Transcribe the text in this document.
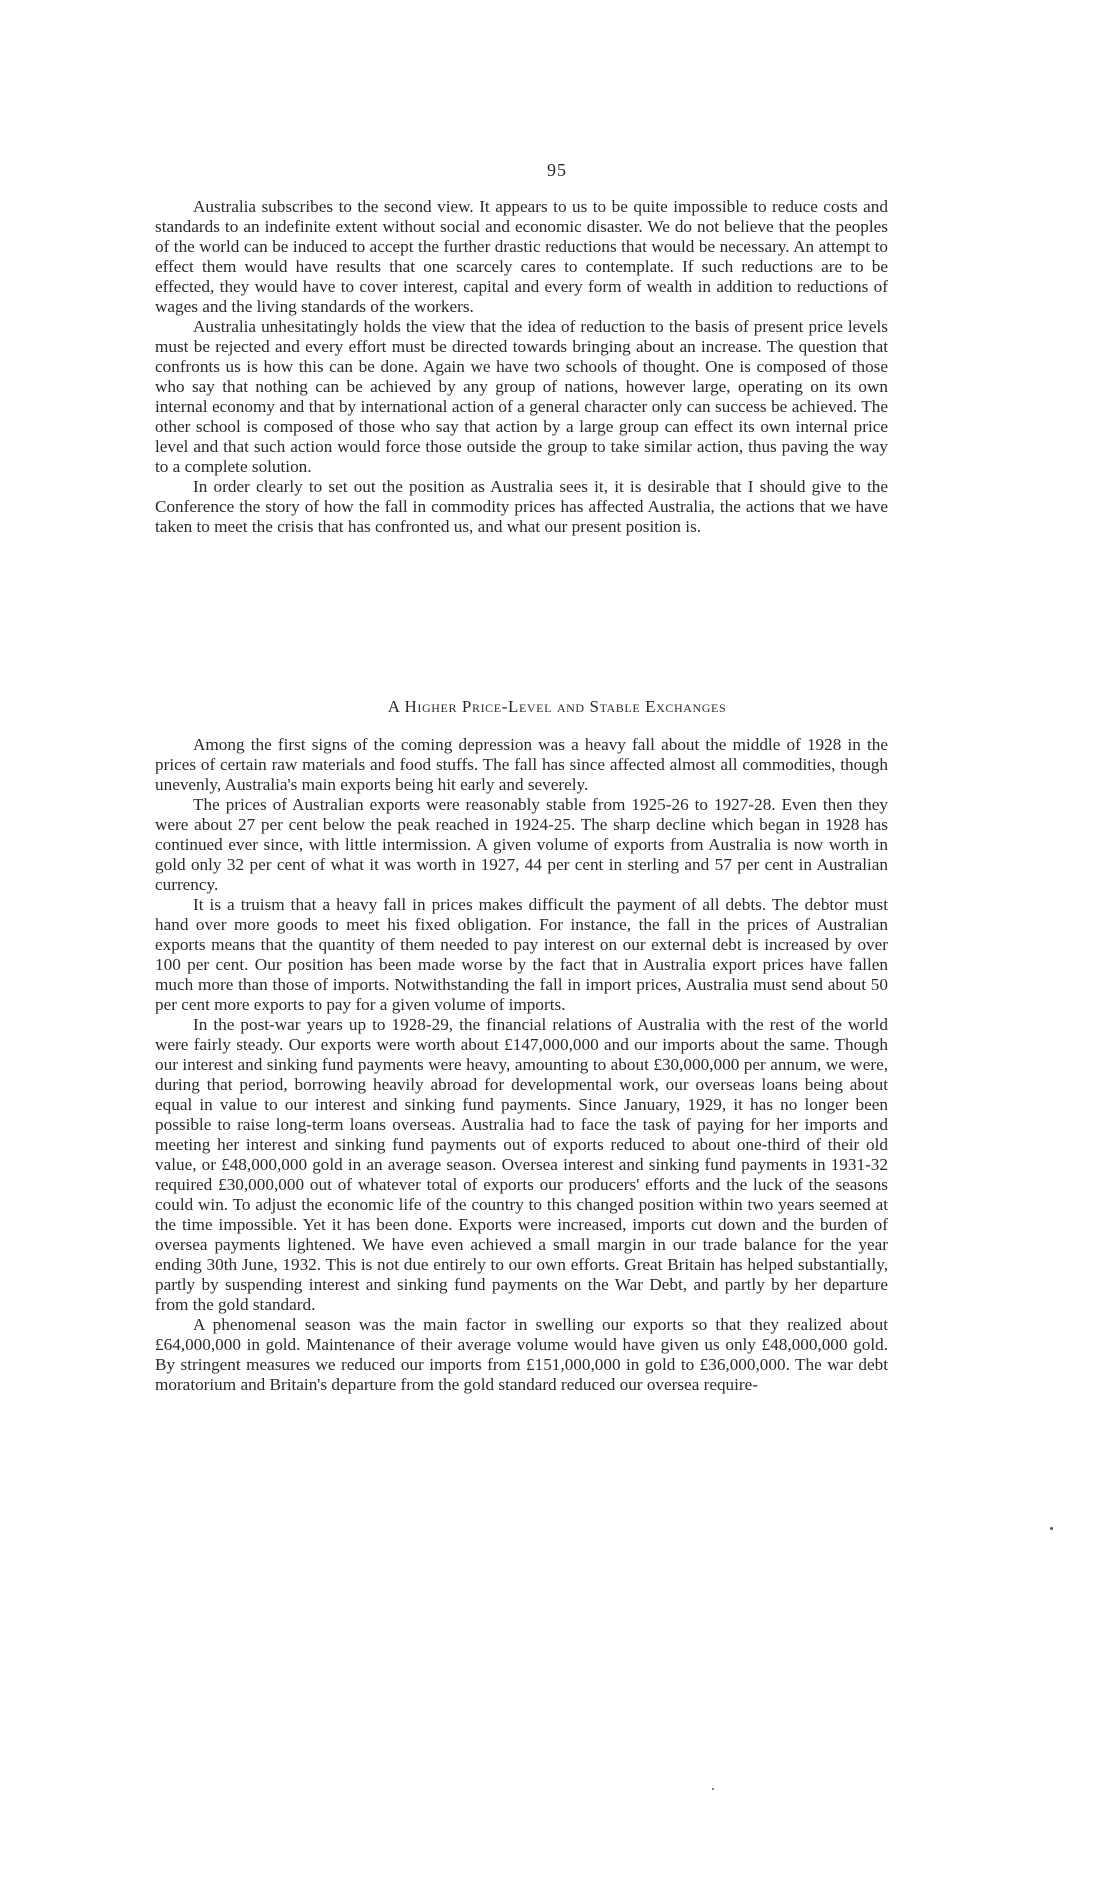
95

Australia subscribes to the second view. It appears to us to be quite impossible to reduce costs and standards to an indefinite extent without social and economic disaster. We do not believe that the peoples of the world can be induced to accept the further drastic reductions that would be necessary. An attempt to effect them would have results that one scarcely cares to contemplate. If such reductions are to be effected, they would have to cover interest, capital and every form of wealth in addition to reductions of wages and the living standards of the workers.

Australia unhesitatingly holds the view that the idea of reduction to the basis of present price levels must be rejected and every effort must be directed towards bringing about an increase. The question that confronts us is how this can be done. Again we have two schools of thought. One is composed of those who say that nothing can be achieved by any group of nations, however large, operating on its own internal economy and that by international action of a general character only can success be achieved. The other school is composed of those who say that action by a large group can effect its own internal price level and that such action would force those outside the group to take similar action, thus paving the way to a complete solution.

In order clearly to set out the position as Australia sees it, it is desirable that I should give to the Conference the story of how the fall in commodity prices has affected Australia, the actions that we have taken to meet the crisis that has confronted us, and what our present position is.

A Higher Price-Level and Stable Exchanges

Among the first signs of the coming depression was a heavy fall about the middle of 1928 in the prices of certain raw materials and food stuffs. The fall has since affected almost all commodities, though unevenly, Australia's main exports being hit early and severely.

The prices of Australian exports were reasonably stable from 1925-26 to 1927-28. Even then they were about 27 per cent below the peak reached in 1924-25. The sharp decline which began in 1928 has continued ever since, with little intermission. A given volume of exports from Australia is now worth in gold only 32 per cent of what it was worth in 1927, 44 per cent in sterling and 57 per cent in Australian currency.

It is a truism that a heavy fall in prices makes difficult the payment of all debts. The debtor must hand over more goods to meet his fixed obligation. For instance, the fall in the prices of Australian exports means that the quantity of them needed to pay interest on our external debt is increased by over 100 per cent. Our position has been made worse by the fact that in Australia export prices have fallen much more than those of imports. Notwithstanding the fall in import prices, Australia must send about 50 per cent more exports to pay for a given volume of imports.

In the post-war years up to 1928-29, the financial relations of Australia with the rest of the world were fairly steady. Our exports were worth about £147,000,000 and our imports about the same. Though our interest and sinking fund payments were heavy, amounting to about £30,000,000 per annum, we were, during that period, borrowing heavily abroad for developmental work, our overseas loans being about equal in value to our interest and sinking fund payments. Since January, 1929, it has no longer been possible to raise long-term loans overseas. Australia had to face the task of paying for her imports and meeting her interest and sinking fund payments out of exports reduced to about one-third of their old value, or £48,000,000 gold in an average season. Oversea interest and sinking fund payments in 1931-32 required £30,000,000 out of whatever total of exports our producers' efforts and the luck of the seasons could win. To adjust the economic life of the country to this changed position within two years seemed at the time impossible. Yet it has been done. Exports were increased, imports cut down and the burden of oversea payments lightened. We have even achieved a small margin in our trade balance for the year ending 30th June, 1932. This is not due entirely to our own efforts. Great Britain has helped substantially, partly by suspending interest and sinking fund payments on the War Debt, and partly by her departure from the gold standard.

A phenomenal season was the main factor in swelling our exports so that they realized about £64,000,000 in gold. Maintenance of their average volume would have given us only £48,000,000 gold. By stringent measures we reduced our imports from £151,000,000 in gold to £36,000,000. The war debt moratorium and Britain's departure from the gold standard reduced our oversea require-
